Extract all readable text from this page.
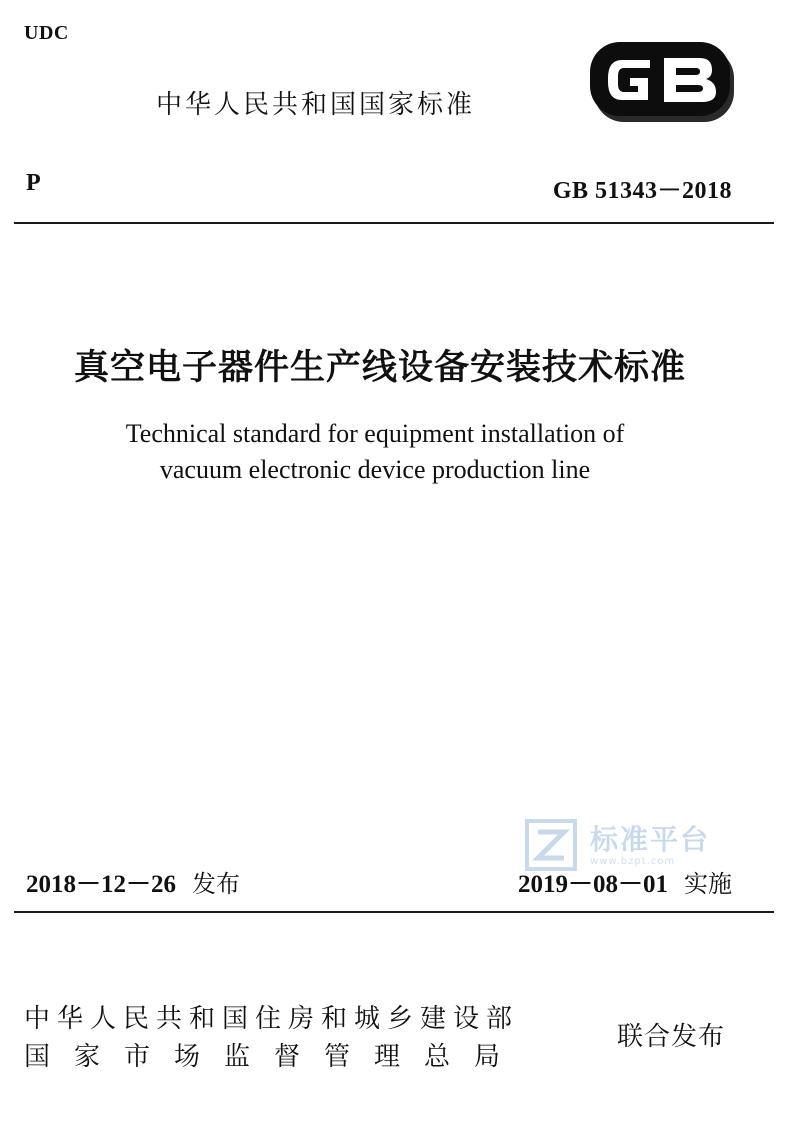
UDC
中华人民共和国国家标准
P	GB 51343－2018
真空电子器件生产线设备安装技术标准
Technical standard for equipment installation of
vacuum electronic device production line
标准平台
www.bzpt.com
2018－12－26 发布	2019－08－01 实施
中华人民共和国住房和城乡建设部
国家市场监督管理总局
联合发布
